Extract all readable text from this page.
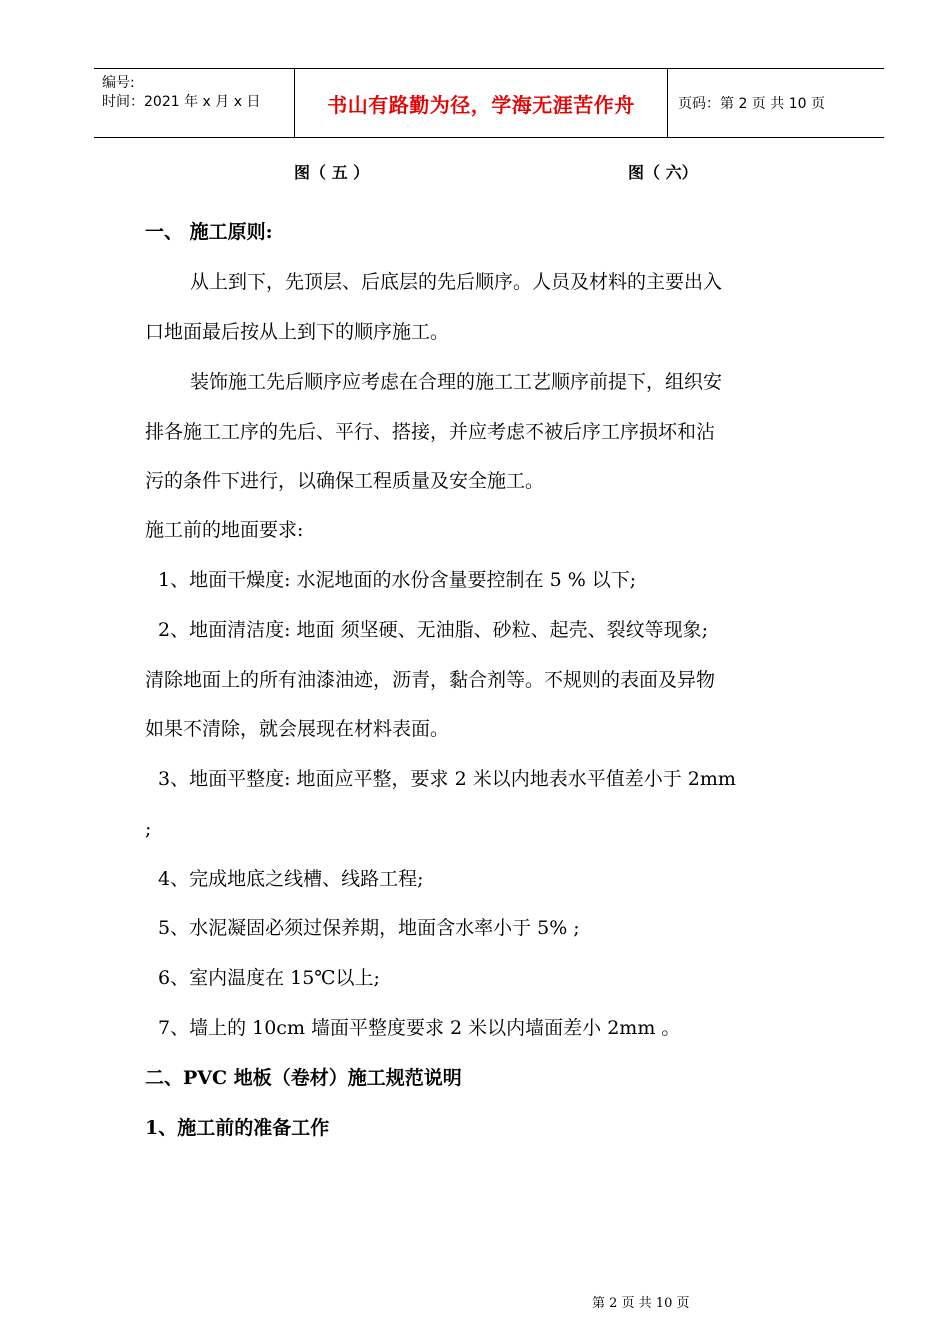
编号:
时间：2021 年 x 月 x 日	书山有路勤为径，学海无涯苦作舟	页码：第 2 页 共 10 页
图（ 五 ）	图（ 六）
一、 施工原则:
从上到下，先顶层、后底层的先后顺序。人员及材料的主要出入
口地面最后按从上到下的顺序施工。
装饰施工先后顺序应考虑在合理的施工工艺顺序前提下，组织安
排各施工工序的先后、平行、搭接，并应考虑不被后序工序损坏和沾
污的条件下进行，以确保工程质量及安全施工。
施工前的地面要求:
1、地面干燥度: 水泥地面的水份含量要控制在 5 % 以下;
2、地面清洁度: 地面 须坚硬、无油脂、砂粒、起壳、裂纹等现象;
清除地面上的所有油漆油迹，沥青，黏合剂等。不规则的表面及异物
如果不清除，就会展现在材料表面。
3、地面平整度: 地面应平整，要求 2 米以内地表水平值差小于 2mm
;
4、完成地底之线槽、线路工程;
5、水泥凝固必须过保养期，地面含水率小于 5% ;
6、室内温度在 15℃以上;
7、墙上的 10cm 墙面平整度要求 2 米以内墙面差小 2mm 。
二、PVC 地板（卷材）施工规范说明
1、施工前的准备工作
第 2 页 共 10 页
